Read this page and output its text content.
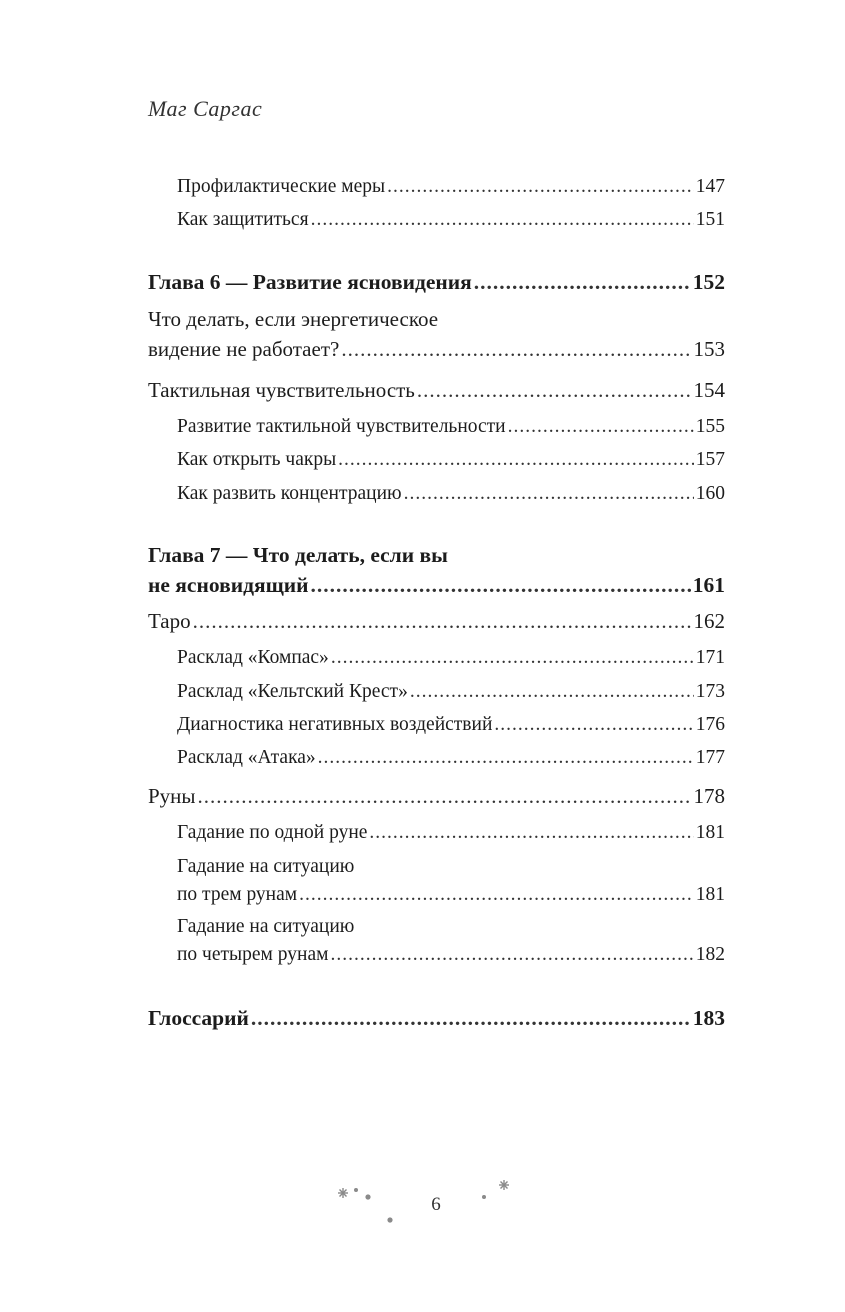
Маг Саргас
Профилактические меры .....	147
Как защититься .....	151
Глава 6 — Развитие ясновидения .....	152
Что делать, если энергетическое
видение не работает? .....	153
Тактильная чувствительность .....	154
Развитие тактильной чувствительности .....	155
Как открыть чакры .....	157
Как развить концентрацию .....	160
Глава 7 — Что делать, если вы
не ясновидящий .....	161
Таро .....	162
Расклад «Компас» .....	171
Расклад «Кельтский Крест» .....	173
Диагностика негативных воздействий .....	176
Расклад «Атака» .....	177
Руны .....	178
Гадание по одной руне .....	181
Гадание на ситуацию
по трем рунам .....	181
Гадание на ситуацию
по четырем рунам .....	182
Глоссарий .....	183
6
